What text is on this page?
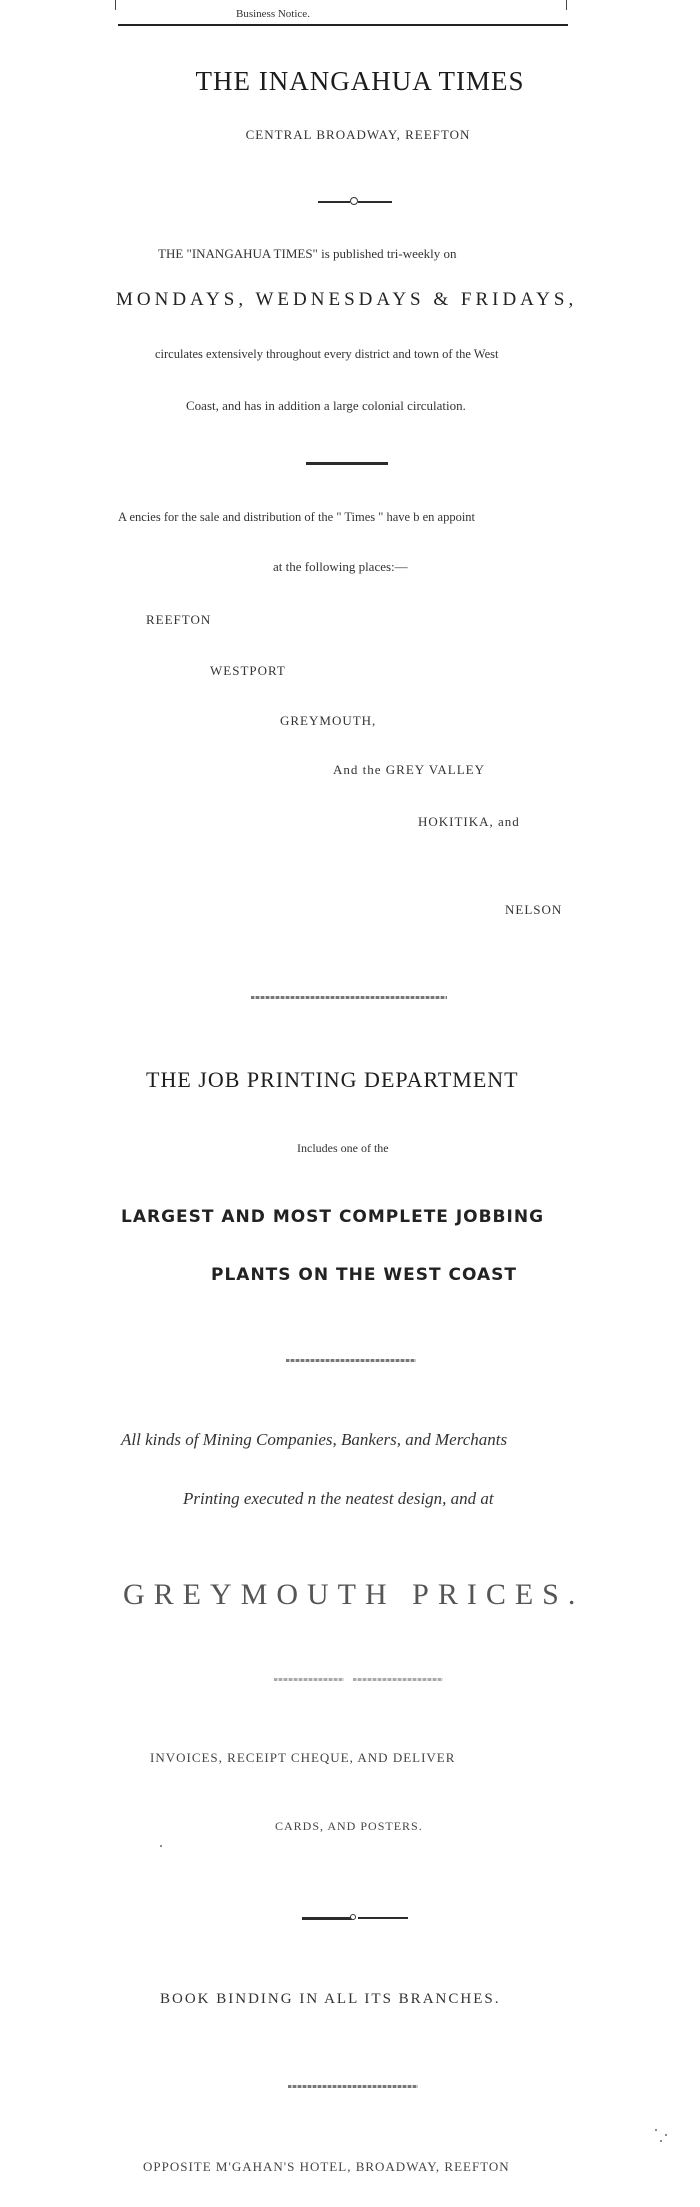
Business Notice.
THE INANGAHUA TIMES
CENTRAL BROADWAY, REEFTON
THE "INANGAHUA TIMES" is published tri-weekly on
MONDAYS, WEDNESDAYS & FRIDAYS,
circulates extensively throughout every district and town of the West
Coast, and has in addition a large colonial circulation.
A encies for the sale and distribution of the " Times " have b en appoint
at the following places:—
REEFTON
WESTPORT
GREYMOUTH,
And the GREY VALLEY
HOKITIKA, and
NELSON
THE JOB PRINTING DEPARTMENT
Includes one of the
LARGEST AND MOST COMPLETE JOBBING
PLANTS ON THE WEST COAST
All kinds of Mining Companies, Bankers, and Merchants
Printing executed n the neatest design, and at
GREYMOUTH PRICES.
INVOICES, RECEIPT CHEQUE, AND DELIVER
CARDS, AND POSTERS.
BOOK BINDING IN ALL ITS BRANCHES.
OPPOSITE M'GAHAN'S HOTEL, BROADWAY, REEFTON
